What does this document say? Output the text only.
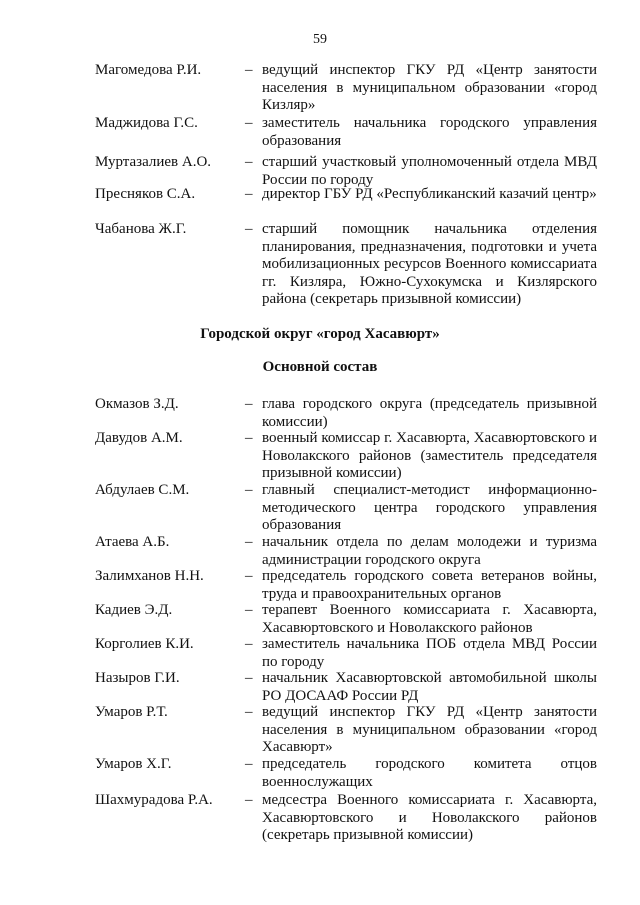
59
Магомедова Р.И.	– ведущий инспектор ГКУ РД «Центр занятости населения в муниципальном образовании «город Кизляр»
Маджидова Г.С.	– заместитель начальника городского управления образования
Муртазалиев А.О.	– старший участковый уполномоченный отдела МВД России по городу
Пресняков С.А.	– директор ГБУ РД «Республиканский казачий центр»
Чабанова Ж.Г.	– старший помощник начальника отделения планирования, предназначения, подготовки и учета мобилизационных ресурсов Военного комиссариата гг. Кизляра, Южно-Сухокумска и Кизлярского района (секретарь призывной комиссии)
Городской округ «город Хасавюрт»
Основной состав
Окмазов З.Д.	– глава городского округа (председатель призывной комиссии)
Давудов А.М.	– военный комиссар г. Хасавюрта, Хасавюртовского и Новолакского районов (заместитель председателя призывной комиссии)
Абдулаев С.М.	– главный специалист-методист информационно-методического центра городского управления образования
Атаева А.Б.	– начальник отдела по делам молодежи и туризма администрации городского округа
Залимханов Н.Н.	– председатель городского совета ветеранов войны, труда и правоохранительных органов
Кадиев Э.Д.	– терапевт Военного комиссариата г. Хасавюрта, Хасавюртовского и Новолакского районов
Корголиев К.И.	– заместитель начальника ПОБ отдела МВД России по городу
Назыров Г.И.	– начальник Хасавюртовской автомобильной школы РО ДОСААФ России РД
Умаров Р.Т.	– ведущий инспектор ГКУ РД «Центр занятости населения в муниципальном образовании «город Хасавюрт»
Умаров Х.Г.	– председатель городского комитета отцов военнослужащих
Шахмурадова Р.А.	– медсестра Военного комиссариата г. Хасавюрта, Хасавюртовского и Новолакского районов (секретарь призывной комиссии)
